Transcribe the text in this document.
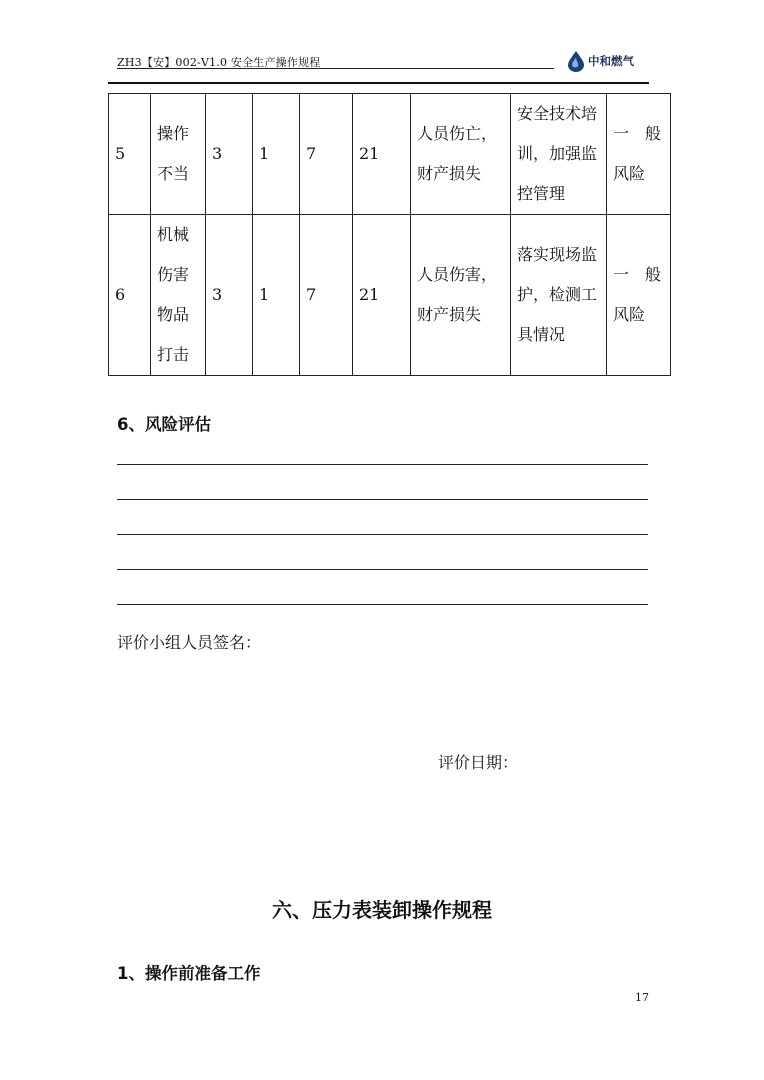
ZH3【安】002-V1.0 安全生产操作规程	中和燃气
5	操作不当	3	1	7	21	人员伤亡，财产损失	安全技术培训，加强监控管理	一　般风险
6	机械伤害物品打击	3	1	7	21	人员伤害，财产损失	落实现场监护，检测工具情况	一　般风险
6、风险评估
评价小组人员签名：
评价日期：
六、压力表装卸操作规程
1、操作前准备工作
17
